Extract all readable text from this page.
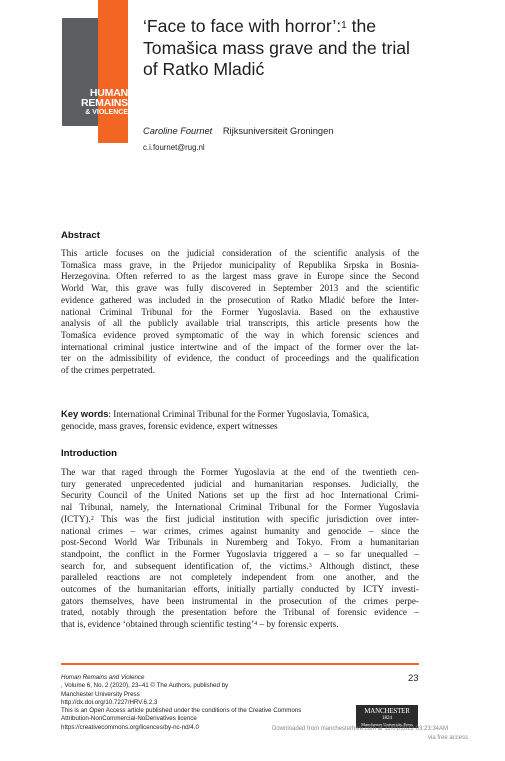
HUMAN
REMAINS
& VIOLENCE
‘Face to face with horror’:$^1$ the
Tomašica mass grave and the trial
of Ratko Mladić
Caroline Fournet Rijksuniversiteit Groningen
c.i.fournet@rug.nl
Abstract
This article focuses on the judicial consideration of the scientific analysis of the
Tomašica mass grave, in the Prijedor municipality of Republika Srpska in Bosnia-
Herzegovina. Often referred to as the largest mass grave in Europe since the Second
World War, this grave was fully discovered in September 2013 and the scientific
evidence gathered was included in the prosecution of Ratko Mladić before the Inter-
national Criminal Tribunal for the Former Yugoslavia. Based on the exhaustive
analysis of all the publicly available trial transcripts, this article presents how the
Tomašica evidence proved symptomatic of the way in which forensic sciences and
international criminal justice intertwine and of the impact of the former over the lat-
ter on the admissibility of evidence, the conduct of proceedings and the qualification
of the crimes perpetrated.
Key words: International Criminal Tribunal for the Former Yugoslavia, Tomašica,
genocide, mass graves, forensic evidence, expert witnesses
Introduction
The war that raged through the Former Yugoslavia at the end of the twentieth cen-
tury generated unprecedented judicial and humanitarian responses. Judicially, the
Security Council of the United Nations set up the first ad hoc International Crimi-
nal Tribunal, namely, the International Criminal Tribunal for the Former Yugoslavia
(ICTY).$^2$ This was the first judicial institution with specific jurisdiction over inter-
national crimes – war crimes, crimes against humanity and genocide – since the
post-Second World War Tribunals in Nuremberg and Tokyo. From a humanitarian
standpoint, the conflict in the Former Yugoslavia triggered a – so far unequalled –
search for, and subsequent identification of, the victims.$^3$ Although distinct, these
paralleled reactions are not completely independent from one another, and the
outcomes of the humanitarian efforts, initially partially conducted by ICTY investi-
gators themselves, have been instrumental in the prosecution of the crimes perpe-
trated, notably through the presentation before the Tribunal of forensic evidence –
that is, evidence ‘obtained through scientific testing’$^4$ – by forensic experts.
Human Remains and Violence
, Volume 6, No. 2 (2020), 23–41 © The Authors, published by
Manchester University Press
http://dx.doi.org/10.7227/HRV.6.2.3
This is an Open Access article published under the conditions of the Creative Commons
Attribution-NonCommercial-NoDerivatives licence
https://creativecommons.org/licences/by-nc-nd/4.0
23
MANCHESTER
1824
Manchester University Press
Downloaded from manchesterhive.com at 11/01/2022 03:23:34AM
via free access
